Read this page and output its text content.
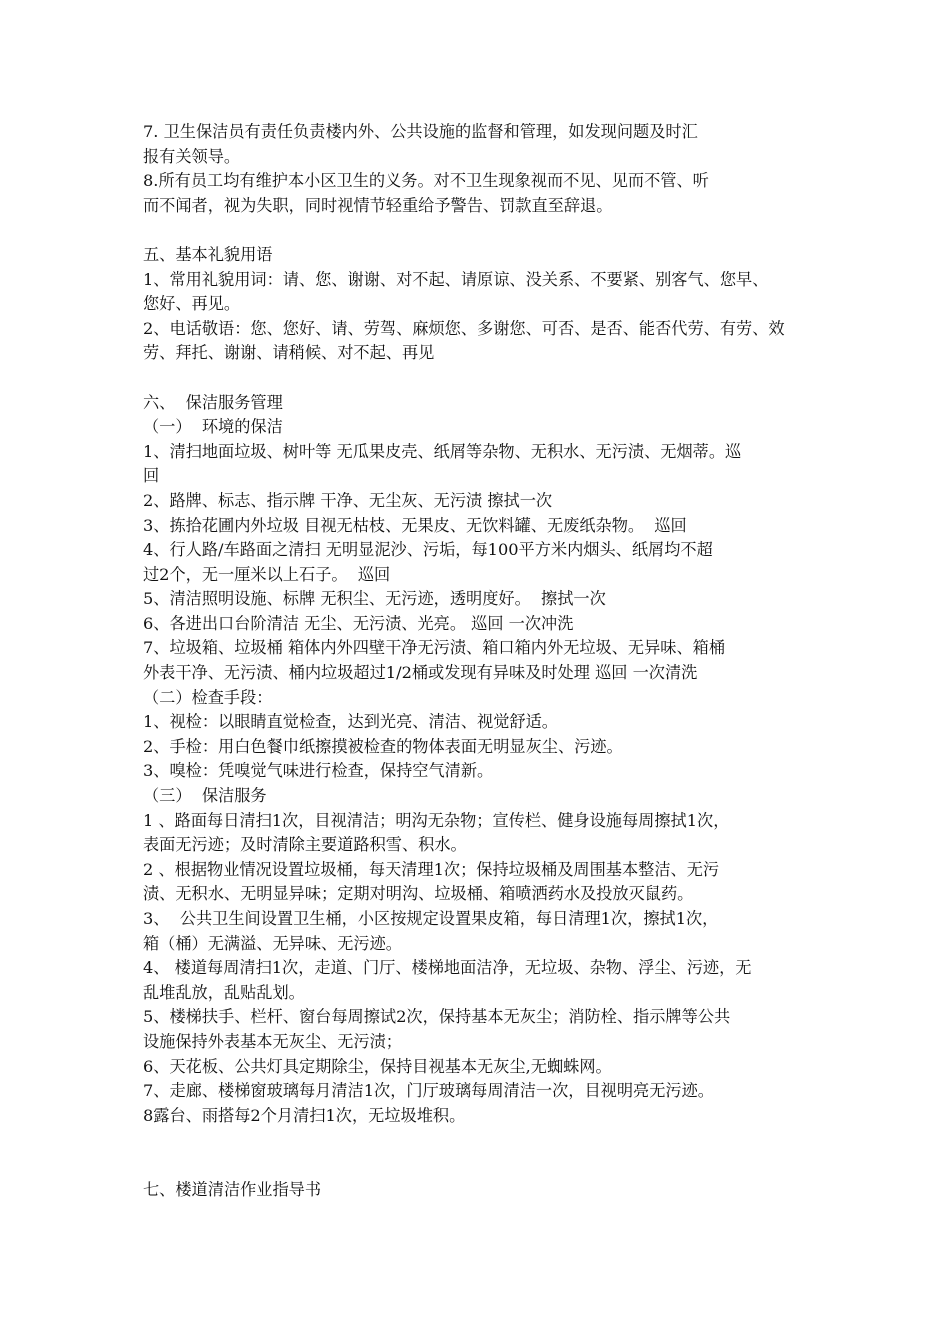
7. 卫生保洁员有责任负责楼内外、公共设施的监督和管理，如发现问题及时汇
报有关领导。
8.所有员工均有维护本小区卫生的义务。对不卫生现象视而不见、见而不管、听
而不闻者，视为失职，同时视情节轻重给予警告、罚款直至辞退。
五、基本礼貌用语
1、常用礼貌用词：请、您、谢谢、对不起、请原谅、没关系、不要紧、别客气、您早、
您好、再见。
2、电话敬语：您、您好、请、劳驾、麻烦您、多谢您、可否、是否、能否代劳、有劳、效
劳、拜托、谢谢、请稍候、对不起、再见
六、  保洁服务管理
（一）  环境的保洁
1、清扫地面垃圾、树叶等 无瓜果皮壳、纸屑等杂物、无积水、无污渍、无烟蒂。巡
回
2、路牌、标志、指示牌 干净、无尘灰、无污渍 擦拭一次
3、拣拾花圃内外垃圾 目视无枯枝、无果皮、无饮料罐、无废纸杂物。  巡回
4、行人路/车路面之清扫 无明显泥沙、污垢，每100平方米内烟头、纸屑均不超
过2个，无一厘米以上石子。  巡回
5、清洁照明设施、标牌 无积尘、无污迹，透明度好。  擦拭一次
6、各进出口台阶清洁 无尘、无污渍、光亮。 巡回 一次冲洗
7、垃圾箱、垃圾桶 箱体内外四壁干净无污渍、箱口箱内外无垃圾、无异味、箱桶
外表干净、无污渍、桶内垃圾超过1/2桶或发现有异味及时处理 巡回 一次清洗
（二）检查手段：
1、视检：以眼睛直觉检查，达到光亮、清洁、视觉舒适。
2、手检：用白色餐巾纸擦摸被检查的物体表面无明显灰尘、污迹。
3、嗅检：凭嗅觉气味进行检查，保持空气清新。
（三）  保洁服务
1 、路面每日清扫1次，目视清洁；明沟无杂物；宣传栏、健身设施每周擦拭1次，
表面无污迹；及时清除主要道路积雪、积水。
2 、根据物业情况设置垃圾桶，每天清理1次；保持垃圾桶及周围基本整洁、无污
渍、无积水、无明显异味；定期对明沟、垃圾桶、箱喷洒药水及投放灭鼠药。
3、  公共卫生间设置卫生桶，小区按规定设置果皮箱，每日清理1次，擦拭1次，
箱（桶）无满溢、无异味、无污迹。
4、 楼道每周清扫1次，走道、门厅、楼梯地面洁净，无垃圾、杂物、浮尘、污迹，无
乱堆乱放，乱贴乱划。
5、楼梯扶手、栏杆、窗台每周擦试2次，保持基本无灰尘；消防栓、指示牌等公共
设施保持外表基本无灰尘、无污渍；
6、天花板、公共灯具定期除尘，保持目视基本无灰尘,无蜘蛛网。
7、走廊、楼梯窗玻璃每月清洁1次，门厅玻璃每周清洁一次，目视明亮无污迹。
8露台、雨搭每2个月清扫1次，无垃圾堆积。
七、楼道清洁作业指导书
